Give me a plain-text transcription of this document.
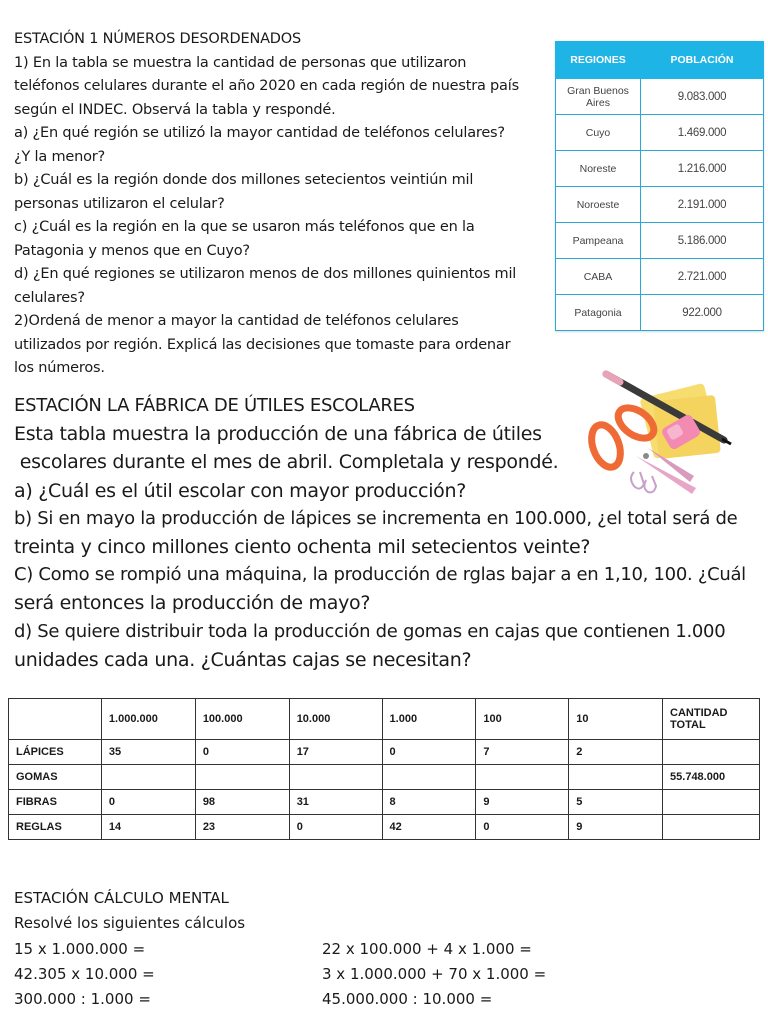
ESTACIÓN 1 NÚMEROS DESORDENADOS

1) En la tabla se muestra la cantidad de personas que utilizaron

teléfonos celulares durante el año 2020 en cada región de nuestra país

según el INDEC. Observá la tabla y respondé.

a) ¿En qué región se utilizó la mayor cantidad de teléfonos celulares?

¿Y la menor?

b) ¿Cuál es la región donde dos millones setecientos veintiún mil

personas utilizaron el celular?

c) ¿Cuál es la región en la que se usaron más teléfonos que en la

Patagonia y menos que en Cuyo?

d) ¿En qué regiones se utilizaron menos de dos millones quinientos mil

celulares?

2)Ordená de menor a mayor la cantidad de teléfonos celulares

utilizados por región. Explicá las decisiones que tomaste para ordenar

los números.

REGIONES	POBLACIÓN
Gran Buenos Aires	9.083.000
Cuyo	1.469.000
Noreste	1.216.000
Noroeste	2.191.000
Pampeana	5.186.000
CABA	2.721.000
Patagonia	922.000

ESTACIÓN LA FÁBRICA DE ÚTILES ESCOLARES

Esta tabla muestra la producción de una fábrica de útiles

escolares durante el mes de abril. Completala y respondé.

a) ¿Cuál es el útil escolar con mayor producción?

b) Si en mayo la producción de lápices se incrementa en 100.000, ¿el total será de

treinta y cinco millones ciento ochenta mil setecientos veinte?

C) Como se rompió una máquina, la producción de rglas bajar a en 1,10, 100. ¿Cuál

será entonces la producción de mayo?

d) Se quiere distribuir toda la producción de gomas en cajas que contienen 1.000

unidades cada una. ¿Cuántas cajas se necesitan?

	1.000.000	100.000	10.000	1.000	100	10	CANTIDAD TOTAL
LÁPICES	35	0	17	0	7	2	
GOMAS							55.748.000
FIBRAS	0	98	31	8	9	5	
REGLAS	14	23	0	42	0	9	

ESTACIÓN CÁLCULO MENTAL

Resolvé los siguientes cálculos

15 x 1.000.000 =	22 x 100.000 + 4 x 1.000 =
42.305 x 10.000 =	3 x 1.000.000 + 70 x 1.000 =
300.000 : 1.000 =	45.000.000 : 10.000 =
